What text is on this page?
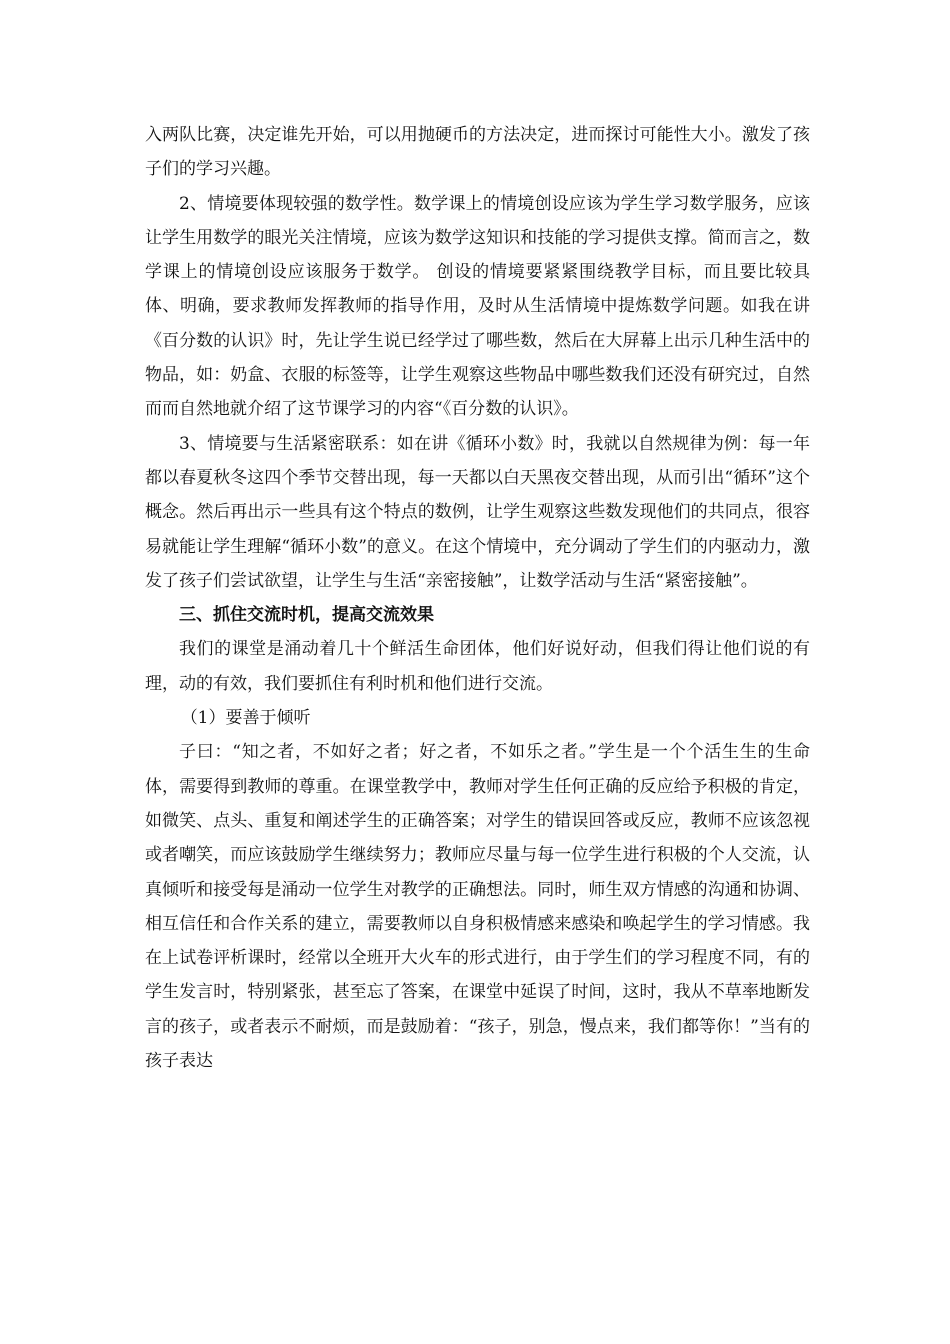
入两队比赛，决定谁先开始，可以用抛硬币的方法决定，进而探讨可能性大小。激发了孩子们的学习兴趣。

2、情境要体现较强的数学性。数学课上的情境创设应该为学生学习数学服务，应该让学生用数学的眼光关注情境，应该为数学这知识和技能的学习提供支撑。简而言之，数学课上的情境创设应该服务于数学。 创设的情境要紧紧围绕教学目标，而且要比较具体、明确，要求教师发挥教师的指导作用，及时从生活情境中提炼数学问题。如我在讲《百分数的认识》时，先让学生说已经学过了哪些数，然后在大屏幕上出示几种生活中的物品，如：奶盒、衣服的标签等，让学生观察这些物品中哪些数我们还没有研究过，自然而而自然地就介绍了这节课学习的内容“《百分数的认识》。

3、情境要与生活紧密联系：如在讲《循环小数》时，我就以自然规律为例：每一年都以春夏秋冬这四个季节交替出现，每一天都以白天黑夜交替出现，从而引出“循环”这个概念。然后再出示一些具有这个特点的数例，让学生观察这些数发现他们的共同点，很容易就能让学生理解“循环小数”的意义。在这个情境中，充分调动了学生们的内驱动力，激发了孩子们尝试欲望，让学生与生活“亲密接触”，让数学活动与生活“紧密接触”。

三、抓住交流时机，提高交流效果

我们的课堂是涌动着几十个鲜活生命团体，他们好说好动，但我们得让他们说的有理，动的有效，我们要抓住有利时机和他们进行交流。

（1）要善于倾听

子曰：“知之者，不如好之者；好之者，不如乐之者。”学生是一个个活生生的生命体，需要得到教师的尊重。在课堂教学中，教师对学生任何正确的反应给予积极的肯定，如微笑、点头、重复和阐述学生的正确答案；对学生的错误回答或反应，教师不应该忽视或者嘲笑，而应该鼓励学生继续努力；教师应尽量与每一位学生进行积极的个人交流，认真倾听和接受每是涌动一位学生对教学的正确想法。同时，师生双方情感的沟通和协调、相互信任和合作关系的建立，需要教师以自身积极情感来感染和唤起学生的学习情感。我在上试卷评析课时，经常以全班开大火车的形式进行，由于学生们的学习程度不同，有的学生发言时，特别紧张，甚至忘了答案，在课堂中延误了时间，这时，我从不草率地断发言的孩子，或者表示不耐烦，而是鼓励着：“孩子，别急，慢点来，我们都等你！”当有的孩子表达
